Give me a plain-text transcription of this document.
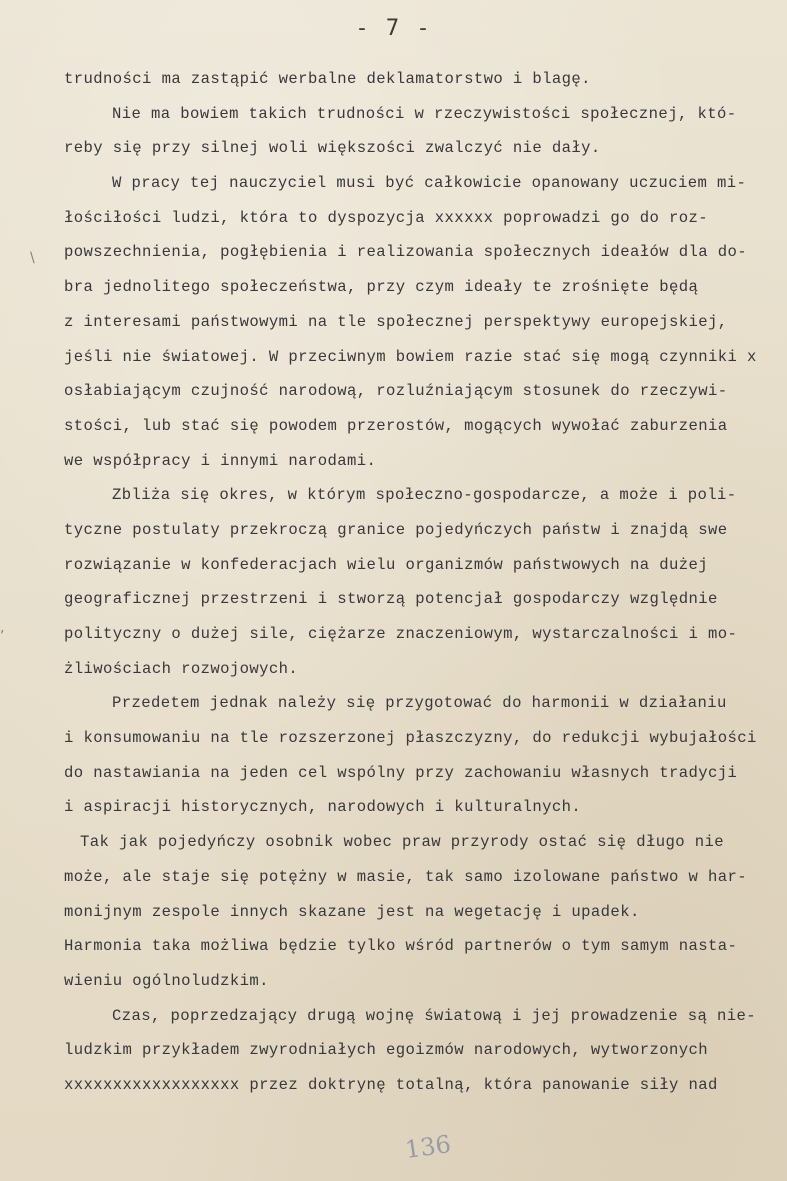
- 7 -
trudności ma zastąpić werbalne deklamatorstwo i blagę.
Nie ma bowiem takich trudności w rzeczywistości społecznej, któ-
reby się przy silnej woli większości zwalczyć nie dały.
W pracy tej nauczyciel musi być całkowicie opanowany uczuciem mi-
łościłości ludzi, która to dyspozycja xxxxxx poprowadzi go do roz-
powszechnienia, pogłębienia i realizowania społecznych ideałów dla do-
bra jednolitego społeczeństwa, przy czym ideały te zrośnięte będą
z interesami państwowymi na tle społecznej perspektywy europejskiej,
jeśli nie światowej. W przeciwnym bowiem razie stać się mogą czynniki x
osłabiającym czujność narodową, rozluźniającym stosunek do rzeczywi-
stości, lub stać się powodem przerostów, mogących wywołać zaburzenia
we współpracy i innymi narodami.
Zbliża się okres, w którym społeczno-gospodarcze, a może i poli-
tyczne postulaty przekroczą granice pojedyńczych państw i znajdą swe
rozwiązanie w konfederacjach wielu organizmów państwowych na dużej
geograficznej przestrzeni i stworzą potencjał gospodarczy względnie
polityczny o dużej sile, ciężarze znaczeniowym, wystarczalności i mo-
żliwościach rozwojowych.
Przedetem jednak należy się przygotować do harmonii w działaniu
i konsumowaniu na tle rozszerzonej płaszczyzny, do redukcji wybujałości
do nastawiania na jeden cel wspólny przy zachowaniu własnych tradycji
i aspiracji historycznych, narodowych i kulturalnych.
Tak jak pojedyńczy osobnik wobec praw przyrody ostać się długo nie
może, ale staje się potężny w masie, tak samo izolowane państwo w har-
monijnym zespole innych skazane jest na wegetację i upadek.
Harmonia taka możliwa będzie tylko wśród partnerów o tym samym nasta-
wieniu ogólnoludzkim.
Czas, poprzedzający drugą wojnę światową i jej prowadzenie są nie-
ludzkim przykładem zwyrodniałych egoizmów narodowych, wytworzonych
xxxxxxxxxxxxxxxxxx przez doktrynę totalną, która panowanie siły nad
\
,
136
